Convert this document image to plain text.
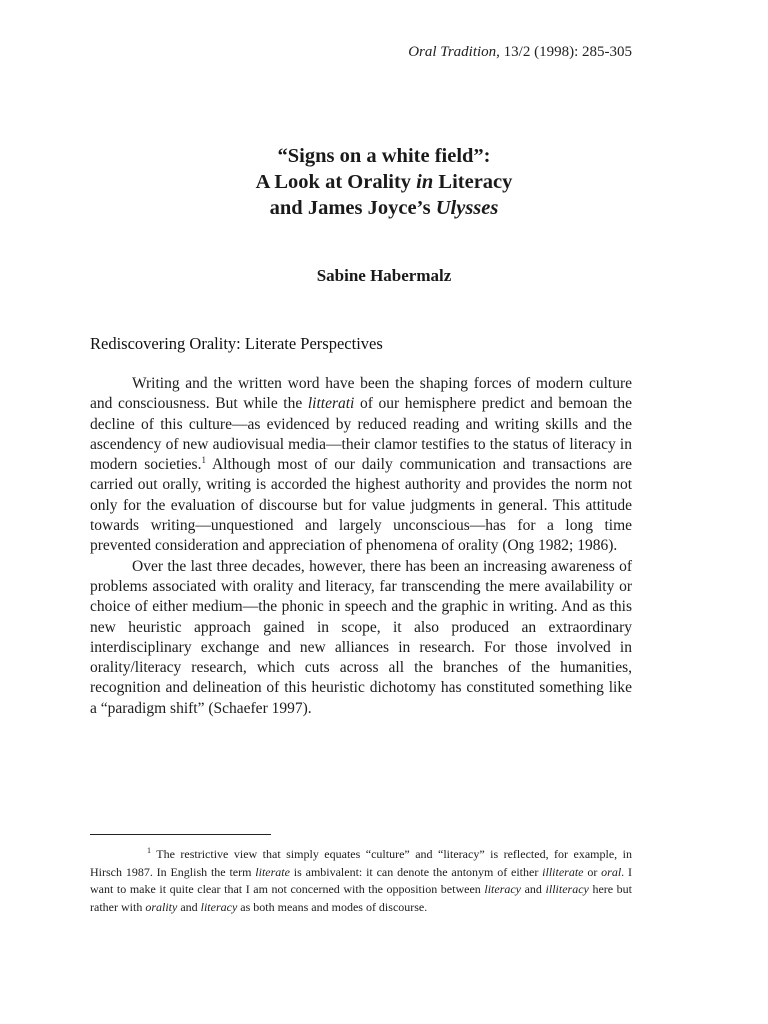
Oral Tradition, 13/2 (1998): 285-305
“Signs on a white field”:
A Look at Orality in Literacy
and James Joyce’s Ulysses
Sabine Habermalz
Rediscovering Orality: Literate Perspectives

Writing and the written word have been the shaping forces of modern culture and consciousness. But while the litterati of our hemisphere predict and bemoan the decline of this culture—as evidenced by reduced reading and writing skills and the ascendency of new audiovisual media—their clamor testifies to the status of literacy in modern societies.$^1$ Although most of our daily communication and transactions are carried out orally, writing is accorded the highest authority and provides the norm not only for the evaluation of discourse but for value judgments in general. This attitude towards writing—unquestioned and largely unconscious—has for a long time prevented consideration and appreciation of phenomena of orality (Ong 1982; 1986).

Over the last three decades, however, there has been an increasing awareness of problems associated with orality and literacy, far transcending the mere availability or choice of either medium—the phonic in speech and the graphic in writing. And as this new heuristic approach gained in scope, it also produced an extraordinary interdisciplinary exchange and new alliances in research. For those involved in orality/literacy research, which cuts across all the branches of the humanities, recognition and delineation of this heuristic dichotomy has constituted something like a “paradigm shift” (Schaefer 1997).

$^1$ The restrictive view that simply equates “culture” and “literacy” is reflected, for example, in Hirsch 1987. In English the term literate is ambivalent: it can denote the antonym of either illiterate or oral. I want to make it quite clear that I am not concerned with the opposition between literacy and illiteracy here but rather with orality and literacy as both means and modes of discourse.
